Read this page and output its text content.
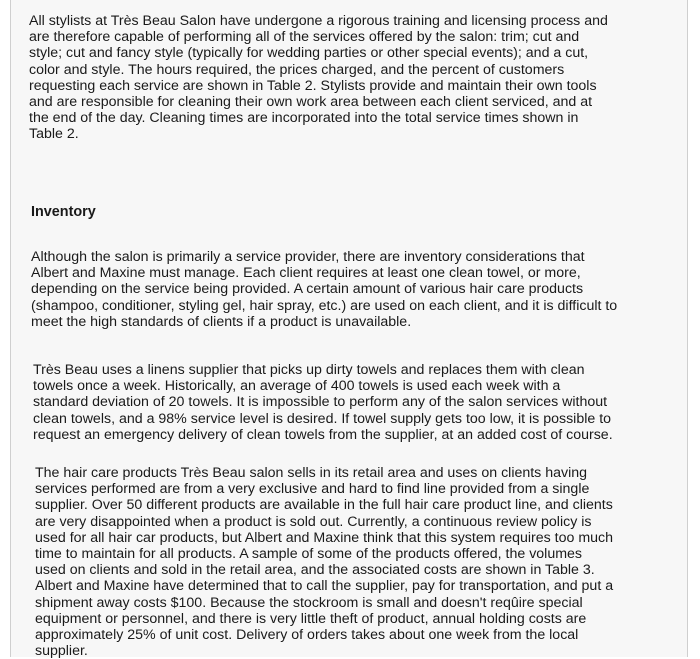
All stylists at Très Beau Salon have undergone a rigorous training and licensing process and
are therefore capable of performing all of the services offered by the salon: trim; cut and
style; cut and fancy style (typically for wedding parties or other special events); and a cut,
color and style. The hours required, the prices charged, and the percent of customers
requesting each service are shown in Table 2. Stylists provide and maintain their own tools
and are responsible for cleaning their own work area between each client serviced, and at
the end of the day. Cleaning times are incorporated into the total service times shown in
Table 2.

Inventory

Although the salon is primarily a service provider, there are inventory considerations that
Albert and Maxine must manage. Each client requires at least one clean towel, or more,
depending on the service being provided. A certain amount of various hair care products
(shampoo, conditioner, styling gel, hair spray, etc.) are used on each client, and it is difficult to
meet the high standards of clients if a product is unavailable.

Très Beau uses a linens supplier that picks up dirty towels and replaces them with clean
towels once a week. Historically, an average of 400 towels is used each week with a
standard deviation of 20 towels. It is impossible to perform any of the salon services without
clean towels, and a 98% service level is desired. If towel supply gets too low, it is possible to
request an emergency delivery of clean towels from the supplier, at an added cost of course.

The hair care products Très Beau salon sells in its retail area and uses on clients having
services performed are from a very exclusive and hard to find line provided from a single
supplier. Over 50 different products are available in the full hair care product line, and clients
are very disappointed when a product is sold out. Currently, a continuous review policy is
used for all hair car products, but Albert and Maxine think that this system requires too much
time to maintain for all products. A sample of some of the products offered, the volumes
used on clients and sold in the retail area, and the associated costs are shown in Table 3.
Albert and Maxine have determined that to call the supplier, pay for transportation, and put a
shipment away costs $100. Because the stockroom is small and doesn't reqûire special
equipment or personnel, and there is very little theft of product, annual holding costs are
approximately 25% of unit cost. Delivery of orders takes about one week from the local
supplier.
